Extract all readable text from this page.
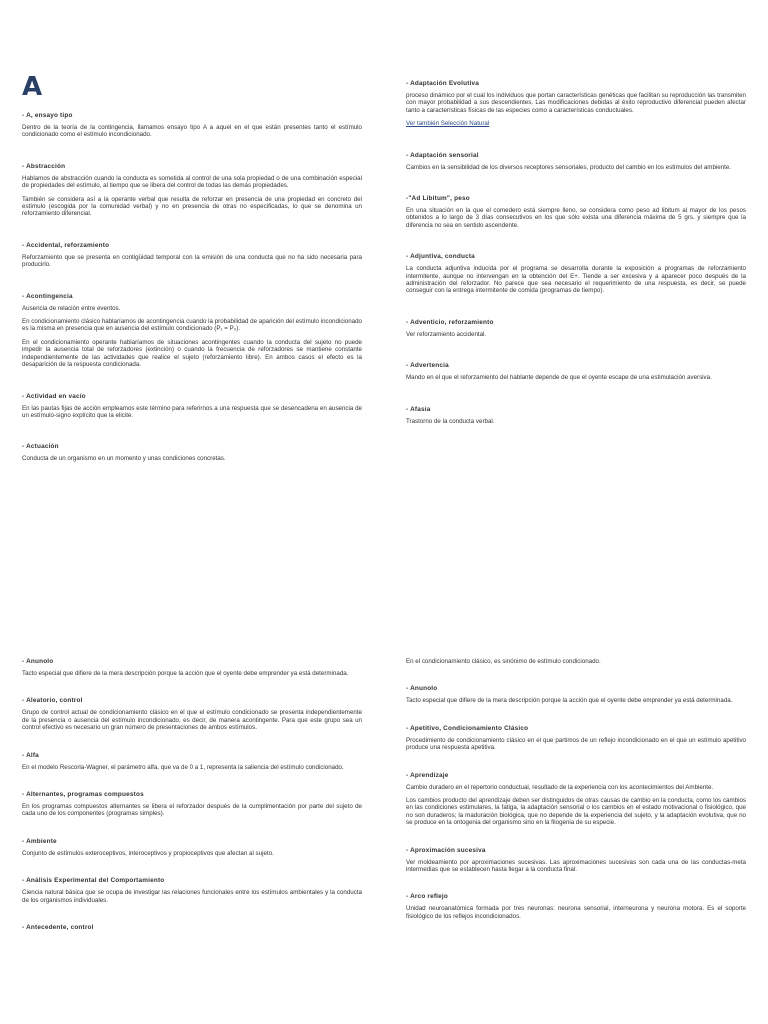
A
- A, ensayo tipo

Dentro de la teoría de la contingencia, llamamos ensayo tipo A a aquel en el que están presentes tanto el estímulo condicionado como el estímulo incondicionado.

- Abstracción

Hablamos de abstracción cuando la conducta es sometida al control de una sola propiedad o de una combinación especial de propiedades del estímulo, al tiempo que se libera del control de todas las demás propiedades.

También se considera así a la operante verbal que resulta de reforzar en presencia de una propiedad en concreto del estímulo (escogida por la comunidad verbal) y no en presencia de otras no especificadas, lo que se denomina un reforzamiento diferencial.

- Accidental, reforzamiento

Reforzamiento que se presenta en contigüidad temporal con la emisión de una conducta que no ha sido necesaria para producirlo.

- Acontingencia

Ausencia de relación entre eventos.

En condicionamiento clásico hablaríamos de acontingencia cuando la probabilidad de aparición del estímulo incondicionado es la misma en presencia que en ausencia del estímulo condicionado (P₁ = P₀).

En el condicionamiento operante hablaríamos de situaciones acontingentes cuando la conducta del sujeto no puede impedir la ausencia total de reforzadores (extinción) o cuando la frecuencia de reforzadores se mantiene constante independientemente de las actividades que realice el sujeto (reforzamiento libre). En ambos casos el efecto es la desaparición de la respuesta condicionada.

- Actividad en vacío

En las pautas fijas de acción empleamos este término para referirnos a una respuesta que se desencadena en ausencia de un estímulo-signo explícito que la elicite.

- Actuación

Conducta de un organismo en un momento y unas condiciones concretas.

- Adaptación Evolutiva

proceso dinámico por el cual los individuos que portan características genéticas que facilitan su reproducción las transmiten con mayor probabilidad a sus descendientes. Las modificaciones debidas al éxito reproductivo diferencial pueden afectar tanto a características físicas de las especies como a características conductuales.

Ver también Selección Natural

- Adaptación sensorial

Cambios en la sensibilidad de los diversos receptores sensoriales, producto del cambio en los estímulos del ambiente.

-"Ad Libitum", peso

En una situación en la que el comedero está siempre lleno, se considera como peso ad libitum al mayor de los pesos obtenidos a lo largo de 3 días consecutivos en los que sólo exista una diferencia máxima de 5 grs. y siempre que la diferencia no sea en sentido ascendente.

- Adjuntiva, conducta

La conducta adjuntiva inducida por el programa se desarrolla durante la exposición a programas de reforzamiento intermitente, aunque no intervengan en la obtención del E+. Tiende a ser excesiva y a aparecer poco después de la administración del reforzador. No parece que sea necesario el requerimiento de una respuesta, es decir, se puede conseguir con la entrega intermitente de comida (programas de tiempo).

- Adventicio, reforzamiento

Ver reforzamiento accidental.

- Advertencia

Mando en el que el reforzamiento del hablante depende de que el oyente escape de una estimulación aversiva.

- Afasia

Trastorno de la conducta verbal.

- Anunolo

Tacto especial que difiere de la mera descripción porque la acción que el oyente debe emprender ya está determinada.

- Aleatorio, control

Grupo de control actual de condicionamiento clásico en el que el estímulo condicionado se presenta independientemente de la presencia o ausencia del estímulo incondicionado, es decir, de manera acontingente. Para que este grupo sea un control efectivo es necesario un gran número de presentaciones de ambos estímulos.

- Alfa

En el modelo Rescorla-Wagner, el parámetro alfa, que va de 0 a 1, representa la saliencia del estímulo condicionado.

- Alternantes, programas compuestos

En los programas compuestos alternantes se libera el reforzador después de la cumplimentación por parte del sujeto de cada uno de los componentes (programas simples).

- Ambiente

Conjunto de estímulos exteroceptivos, interoceptivos y propioceptivos que afectan al sujeto.

- Análisis Experimental del Comportamiento

Ciencia natural básica que se ocupa de investigar las relaciones funcionales entre los estímulos ambientales y la conducta de los organismos individuales.

- Antecedente, control

En el condicionamiento clásico, es sinónimo de estímulo condicionado.

- Anunolo

Tacto especial que difiere de la mera descripción porque la acción que el oyente debe emprender ya está determinada.

- Apetitivo, Condicionamiento Clásico

Procedimiento de condicionamiento clásico en el que partimos de un reflejo incondicionado en el que un estímulo apetitivo produce una respuesta apetitiva.

- Aprendizaje

Cambio duradero en el repertorio conductual, resultado de la experiencia con los acontecimientos del Ambiente.

Los cambios producto del aprendizaje deben ser distinguidos de otras causas de cambio en la conducta, como los cambios en las condiciones estimulares, la fatiga, la adaptación sensorial o los cambios en el estado motivacional o fisiológico, que no son duraderos; la maduración biológica, que no depende de la experiencia del sujeto, y la adaptación evolutiva, que no se produce en la ontogenia del organismo sino en la filogenia de su especie.

- Aproximación sucesiva

Ver moldeamiento por aproximaciones sucesivas. Las aproximaciones sucesivas son cada una de las conductas-meta intermedias que se establecen hasta llegar a la conducta final.

- Arco reflejo

Unidad neuroanatómica formada por tres neuronas: neurona sensorial, interneurona y neurona motora. Es el soporte fisiológico de los reflejos incondicionados.
